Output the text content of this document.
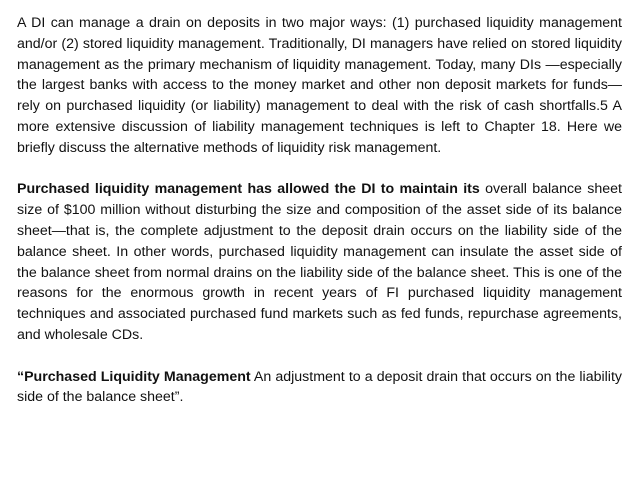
A DI can manage a drain on deposits in two major ways: (1) purchased liquidity management and/or (2) stored liquidity management. Traditionally, DI managers have relied on stored liquidity management as the primary mechanism of liquidity management. Today, many DIs —especially the largest banks with access to the money market and other non deposit markets for funds—rely on purchased liquidity (or liability) management to deal with the risk of cash shortfalls.5 A more extensive discussion of liability management techniques is left to Chapter 18. Here we briefly discuss the alternative methods of liquidity risk management.

Purchased liquidity management has allowed the DI to maintain its overall balance sheet size of $100 million without disturbing the size and composition of the asset side of its balance sheet—that is, the complete adjustment to the deposit drain occurs on the liability side of the balance sheet. In other words, purchased liquidity management can insulate the asset side of the balance sheet from normal drains on the liability side of the balance sheet. This is one of the reasons for the enormous growth in recent years of FI purchased liquidity management techniques and associated purchased fund markets such as fed funds, repurchase agreements, and wholesale CDs.

“Purchased Liquidity Management An adjustment to a deposit drain that occurs on the liability side of the balance sheet”.
